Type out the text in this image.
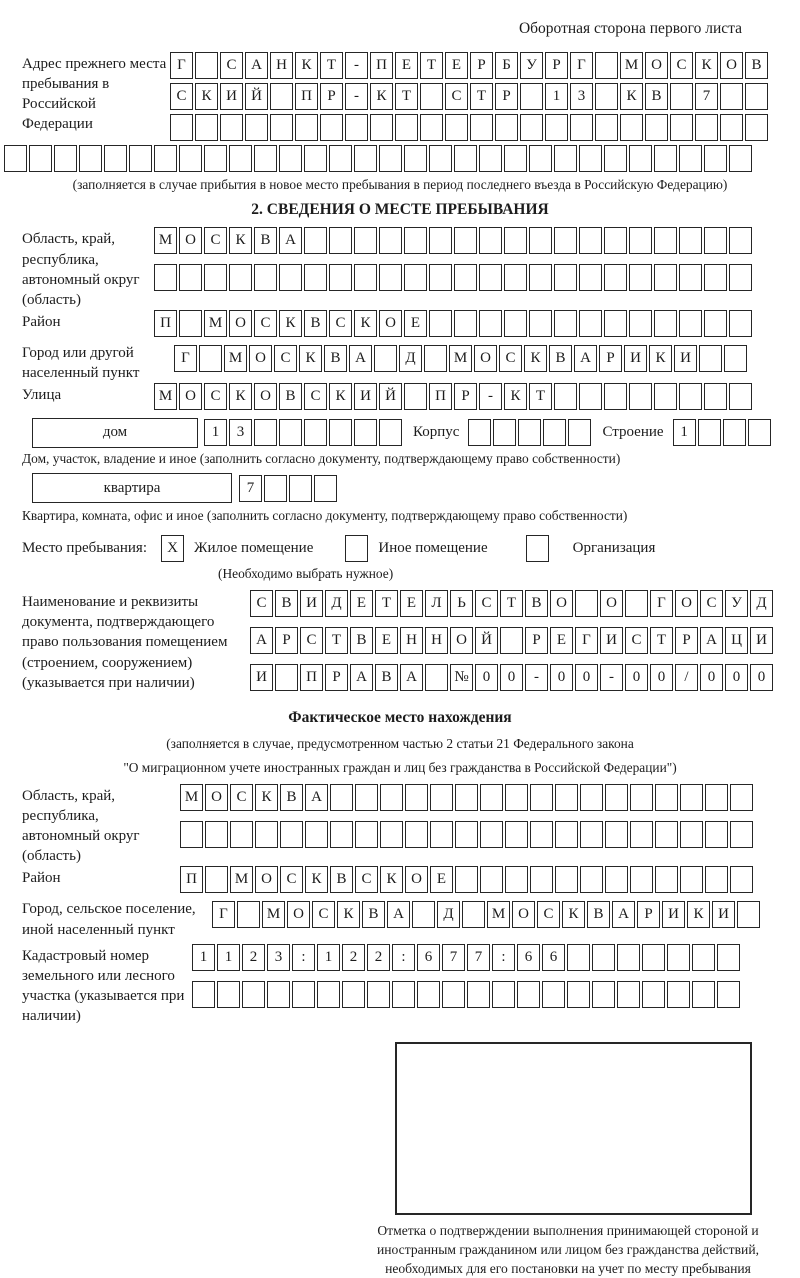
Оборотная сторона первого листа
Адрес прежнего места пребывания в Российской Федерации
Г	С А Н К	Т	-	П Е	Т	Е	Р	Б	У	Р	Г	М О С К О В
С К И Й	П	Р	-	К	Т	С	Т	Р	1	3	К В	7
(заполняется в случае прибытия в новое место пребывания в период последнего въезда в Российскую Федерацию)
2. СВЕДЕНИЯ О МЕСТЕ ПРЕБЫВАНИЯ
Область, край, республика, автономный округ (область)
М О С К В А
Район	П	М О С К В С К О Е
Город или другой населенный пункт
Г	М О С К В А	Д	М О С К В А	Р	И К И
Улица	М О С К О В С К И Й	П	Р	-	К	Т
дом	1	3	Корпус	Строение	1
Дом, участок, владение и иное (заполнить согласно документу, подтверждающему право собственности)
квартира	7
Квартира, комната, офис и иное (заполнить согласно документу, подтверждающему право собственности)
Место пребывания:	X	Жилое помещение	Иное помещение	Организация
(Необходимо выбрать нужное)
Наименование и реквизиты документа, подтверждающего право пользования помещением (строением, сооружением) (указывается при наличии)
С В И Д	Е	Т	Е	Л	Ь	С	Т	В О	О	Г	О С У Д
А	Р	С	Т	В	Е	Н Н О Й	Р	Е	Г	И С	Т	Р	А Ц И
И	П	Р	А В А	№ 0	0	-	0	0	-	0	0	/	0	0	0
Фактическое место нахождения
(заполняется в случае, предусмотренном частью 2 статьи 21 Федерального закона
"О миграционном учете иностранных граждан и лиц без гражданства в Российской Федерации")
Область, край, республика, автономный округ (область)
М О С К В А
Район	П	М О С К В С К О Е
Город, сельское поселение, иной населенный пункт
Г	М О С К В А	Д	М О С К В А	Р	И К И
Кадастровый номер земельного или лесного участка (указывается при наличии)
1	1	2	3	:	1	2	2	:	6	7	7	:	6	6
Отметка о подтверждении выполнения принимающей стороной и иностранным гражданином или лицом без гражданства действий, необходимых для его постановки на учет по месту пребывания
